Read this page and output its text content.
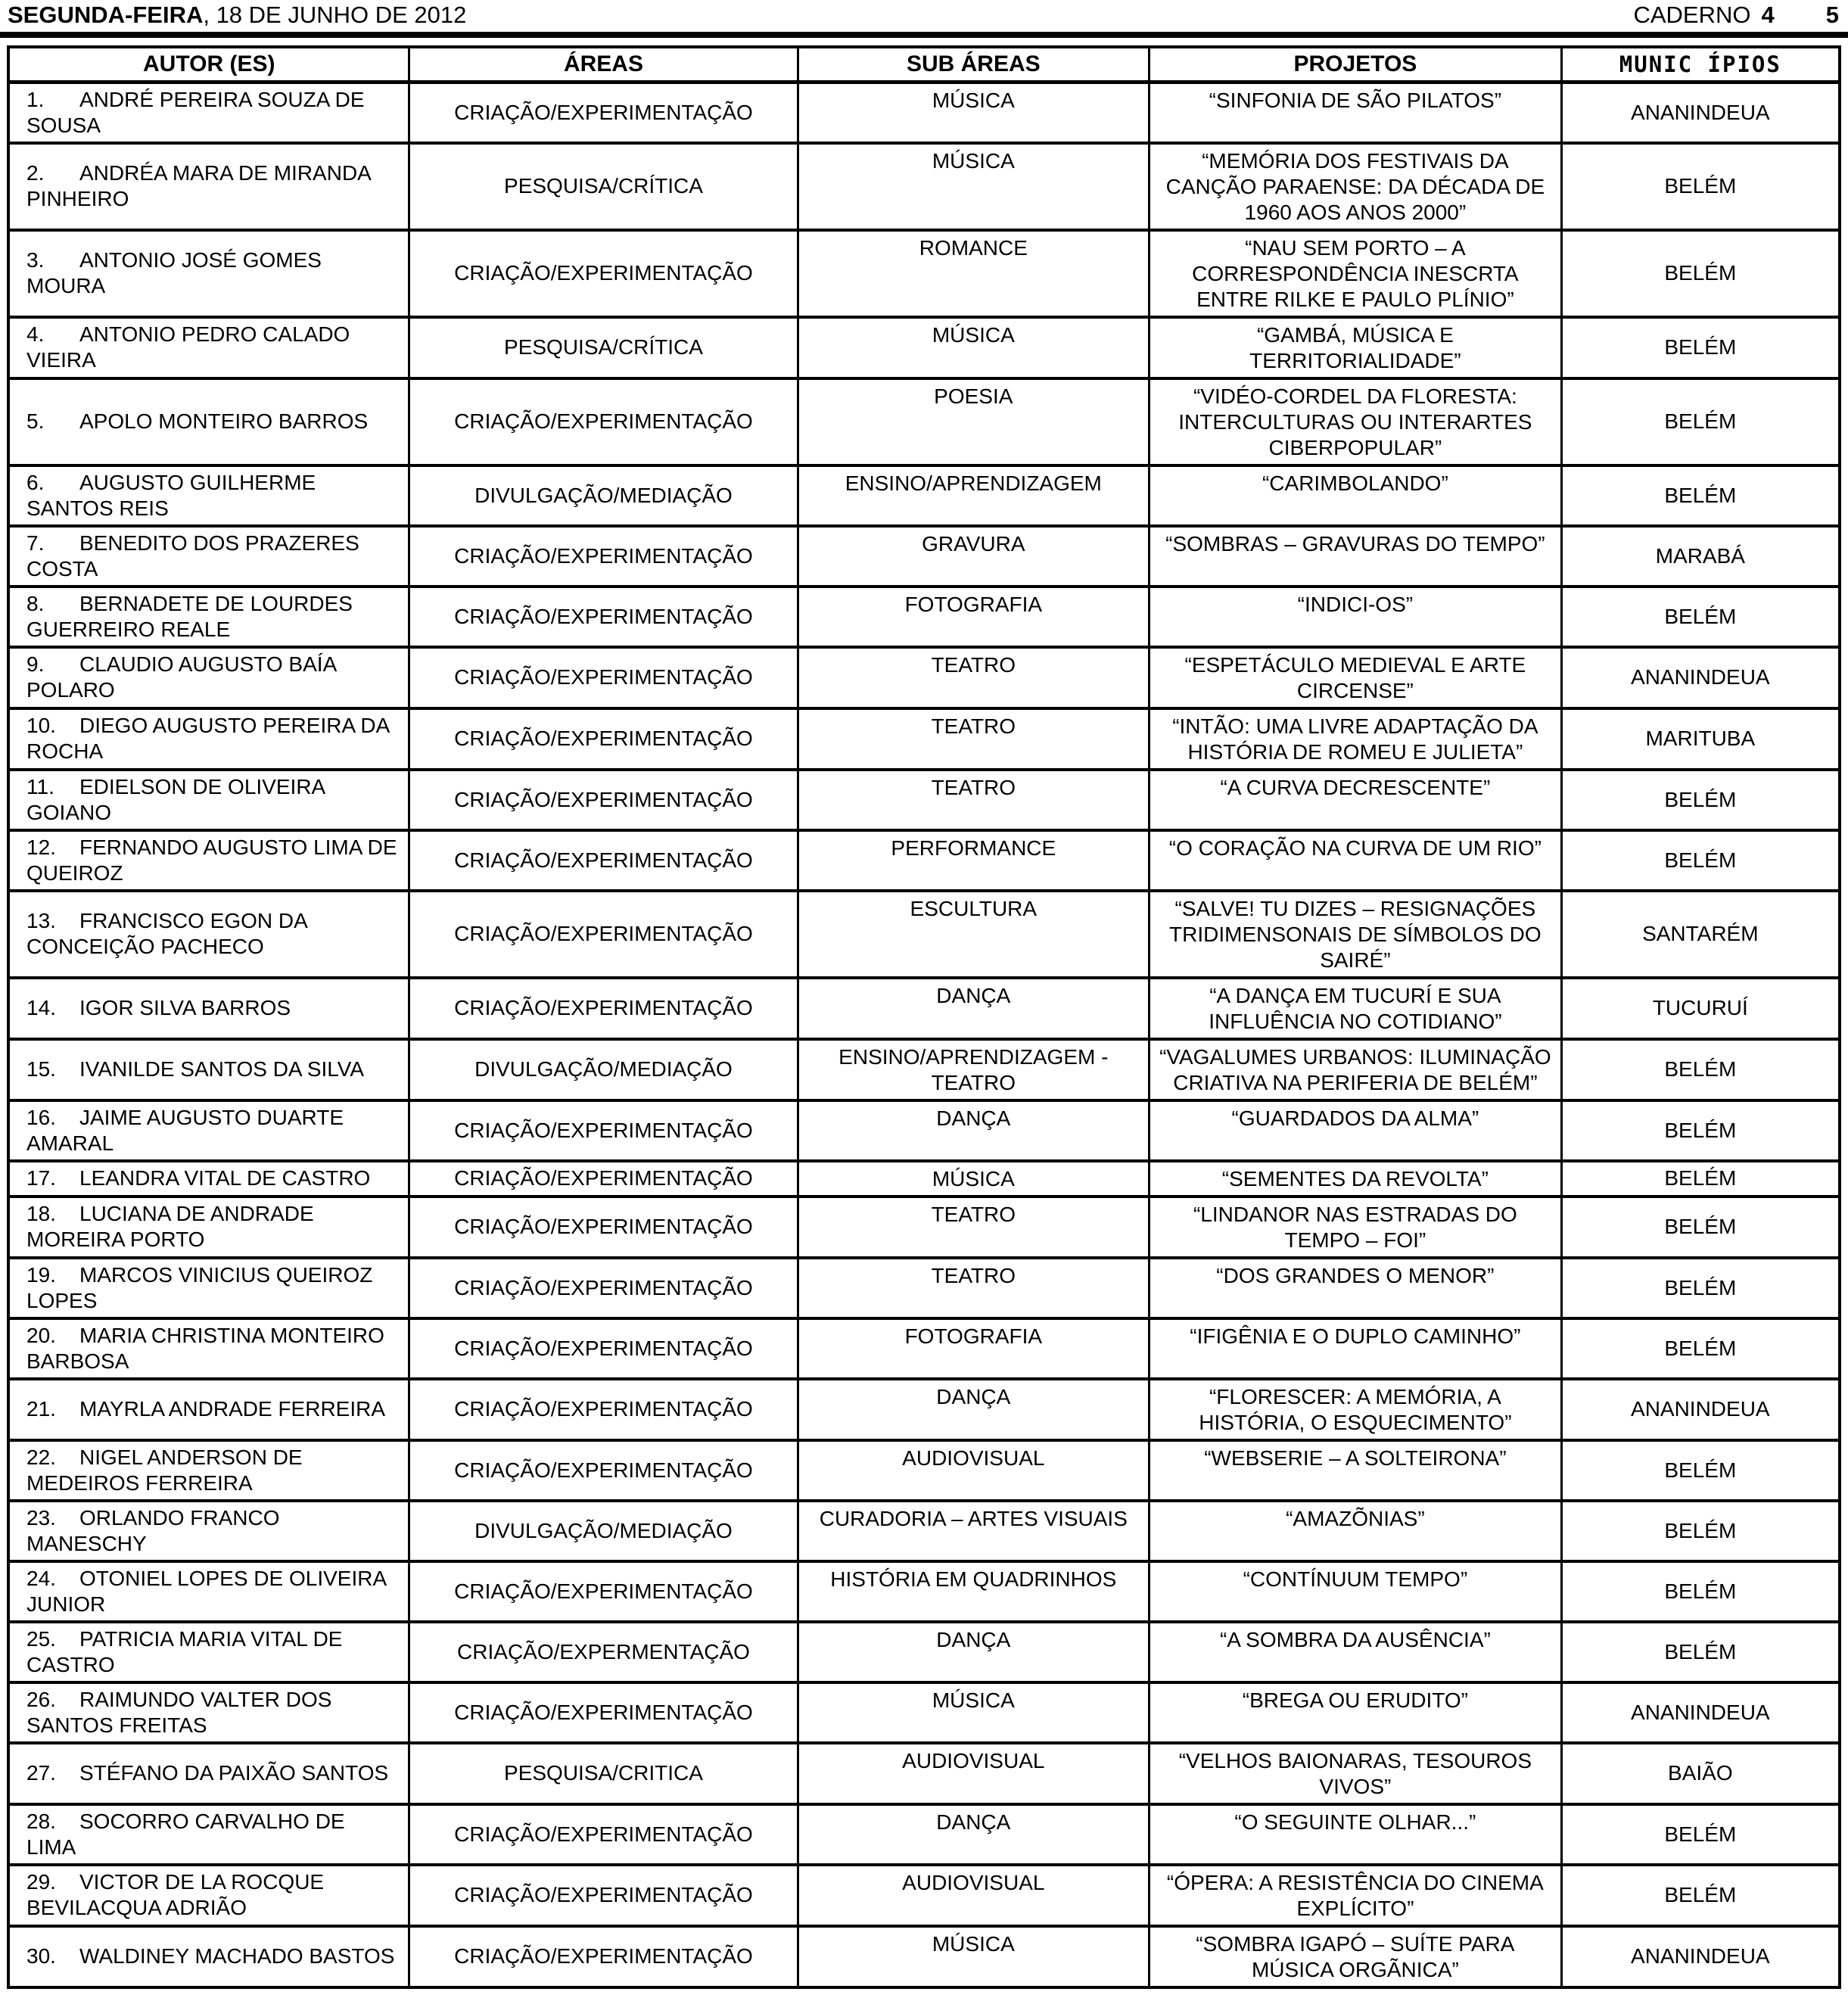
SEGUNDA-FEIRA, 18 DE JUNHO DE 2012	CADERNO 4 5
AUTOR (ES)	ÁREAS	SUB ÁREAS	PROJETOS	MUNIC ÍPIOS
1. ANDRÉ PEREIRA SOUZA DE SOUSA	CRIAÇÃO/EXPERIMENTAÇÃO	MÚSICA	“SINFONIA DE SÃO PILATOS”	ANANINDEUA
2. ANDRÉA MARA DE MIRANDA PINHEIRO	PESQUISA/CRÍTICA	MÚSICA	“MEMÓRIA DOS FESTIVAIS DA CANÇÃO PARAENSE: DA DÉCADA DE 1960 AOS ANOS 2000”	BELÉM
3. ANTONIO JOSÉ GOMES MOURA	CRIAÇÃO/EXPERIMENTAÇÃO	ROMANCE	“NAU SEM PORTO – A CORRESPONDÊNCIA INESCRTA ENTRE RILKE E PAULO PLÍNIO”	BELÉM
4. ANTONIO PEDRO CALADO VIEIRA	PESQUISA/CRÍTICA	MÚSICA	“GAMBÁ, MÚSICA E TERRITORIALIDADE”	BELÉM
5. APOLO MONTEIRO BARROS	CRIAÇÃO/EXPERIMENTAÇÃO	POESIA	“VIDÉO-CORDEL DA FLORESTA: INTERCULTURAS OU INTERARTES CIBERPOPULAR”	BELÉM
6. AUGUSTO GUILHERME SANTOS REIS	DIVULGAÇÃO/MEDIAÇÃO	ENSINO/APRENDIZAGEM	“CARIMBOLANDO”	BELÉM
7. BENEDITO DOS PRAZERES COSTA	CRIAÇÃO/EXPERIMENTAÇÃO	GRAVURA	“SOMBRAS – GRAVURAS DO TEMPO”	MARABÁ
8. BERNADETE DE LOURDES GUERREIRO REALE	CRIAÇÃO/EXPERIMENTAÇÃO	FOTOGRAFIA	“INDICI-OS”	BELÉM
9. CLAUDIO AUGUSTO BAÍA POLARO	CRIAÇÃO/EXPERIMENTAÇÃO	TEATRO	“ESPETÁCULO MEDIEVAL E ARTE CIRCENSE”	ANANINDEUA
10. DIEGO AUGUSTO PEREIRA DA ROCHA	CRIAÇÃO/EXPERIMENTAÇÃO	TEATRO	“INTÃO: UMA LIVRE ADAPTAÇÃO DA HISTÓRIA DE ROMEU E JULIETA”	MARITUBA
11. EDIELSON DE OLIVEIRA GOIANO	CRIAÇÃO/EXPERIMENTAÇÃO	TEATRO	“A CURVA DECRESCENTE”	BELÉM
12. FERNANDO AUGUSTO LIMA DE QUEIROZ	CRIAÇÃO/EXPERIMENTAÇÃO	PERFORMANCE	“O CORAÇÃO NA CURVA DE UM RIO”	BELÉM
13. FRANCISCO EGON DA CONCEIÇÃO PACHECO	CRIAÇÃO/EXPERIMENTAÇÃO	ESCULTURA	“SALVE! TU DIZES – RESIGNAÇÕES TRIDIMENSONAIS DE SÍMBOLOS DO SAIRÉ”	SANTARÉM
14. IGOR SILVA BARROS	CRIAÇÃO/EXPERIMENTAÇÃO	DANÇA	“A DANÇA EM TUCURÍ E SUA INFLUÊNCIA NO COTIDIANO”	TUCURUÍ
15. IVANILDE SANTOS DA SILVA	DIVULGAÇÃO/MEDIAÇÃO	ENSINO/APRENDIZAGEM - TEATRO	“VAGALUMES URBANOS: ILUMINAÇÃO CRIATIVA NA PERIFERIA DE BELÉM”	BELÉM
16. JAIME AUGUSTO DUARTE AMARAL	CRIAÇÃO/EXPERIMENTAÇÃO	DANÇA	“GUARDADOS DA ALMA”	BELÉM
17. LEANDRA VITAL DE CASTRO	CRIAÇÃO/EXPERIMENTAÇÃO	MÚSICA	“SEMENTES DA REVOLTA”	BELÉM
18. LUCIANA DE ANDRADE MOREIRA PORTO	CRIAÇÃO/EXPERIMENTAÇÃO	TEATRO	“LINDANOR NAS ESTRADAS DO TEMPO – FOI”	BELÉM
19. MARCOS VINICIUS QUEIROZ LOPES	CRIAÇÃO/EXPERIMENTAÇÃO	TEATRO	“DOS GRANDES O MENOR”	BELÉM
20. MARIA CHRISTINA MONTEIRO BARBOSA	CRIAÇÃO/EXPERIMENTAÇÃO	FOTOGRAFIA	“IFIGÊNIA E O DUPLO CAMINHO”	BELÉM
21. MAYRLA ANDRADE FERREIRA	CRIAÇÃO/EXPERIMENTAÇÃO	DANÇA	“FLORESCER: A MEMÓRIA, A HISTÓRIA, O ESQUECIMENTO”	ANANINDEUA
22. NIGEL ANDERSON DE MEDEIROS FERREIRA	CRIAÇÃO/EXPERIMENTAÇÃO	AUDIOVISUAL	“WEBSERIE – A SOLTEIRONA”	BELÉM
23. ORLANDO FRANCO MANESCHY	DIVULGAÇÃO/MEDIAÇÃO	CURADORIA – ARTES VISUAIS	“AMAZÕNIAS”	BELÉM
24. OTONIEL LOPES DE OLIVEIRA JUNIOR	CRIAÇÃO/EXPERIMENTAÇÃO	HISTÓRIA EM QUADRINHOS	“CONTÍNUUM TEMPO”	BELÉM
25. PATRICIA MARIA VITAL DE CASTRO	CRIAÇÃO/EXPERMENTAÇÃO	DANÇA	“A SOMBRA DA AUSÊNCIA”	BELÉM
26. RAIMUNDO VALTER DOS SANTOS FREITAS	CRIAÇÃO/EXPERIMENTAÇÃO	MÚSICA	“BREGA OU ERUDITO”	ANANINDEUA
27. STÉFANO DA PAIXÃO SANTOS	PESQUISA/CRITICA	AUDIOVISUAL	“VELHOS BAIONARAS, TESOUROS VIVOS”	BAIÃO
28. SOCORRO CARVALHO DE LIMA	CRIAÇÃO/EXPERIMENTAÇÃO	DANÇA	“O SEGUINTE OLHAR...”	BELÉM
29. VICTOR DE LA ROCQUE BEVILACQUA ADRIÃO	CRIAÇÃO/EXPERIMENTAÇÃO	AUDIOVISUAL	“ÓPERA: A RESISTÊNCIA DO CINEMA EXPLÍCITO”	BELÉM
30. WALDINEY MACHADO BASTOS	CRIAÇÃO/EXPERIMENTAÇÃO	MÚSICA	“SOMBRA IGAPÓ – SUÍTE PARA MÚSICA ORGÃNICA”	ANANINDEUA
